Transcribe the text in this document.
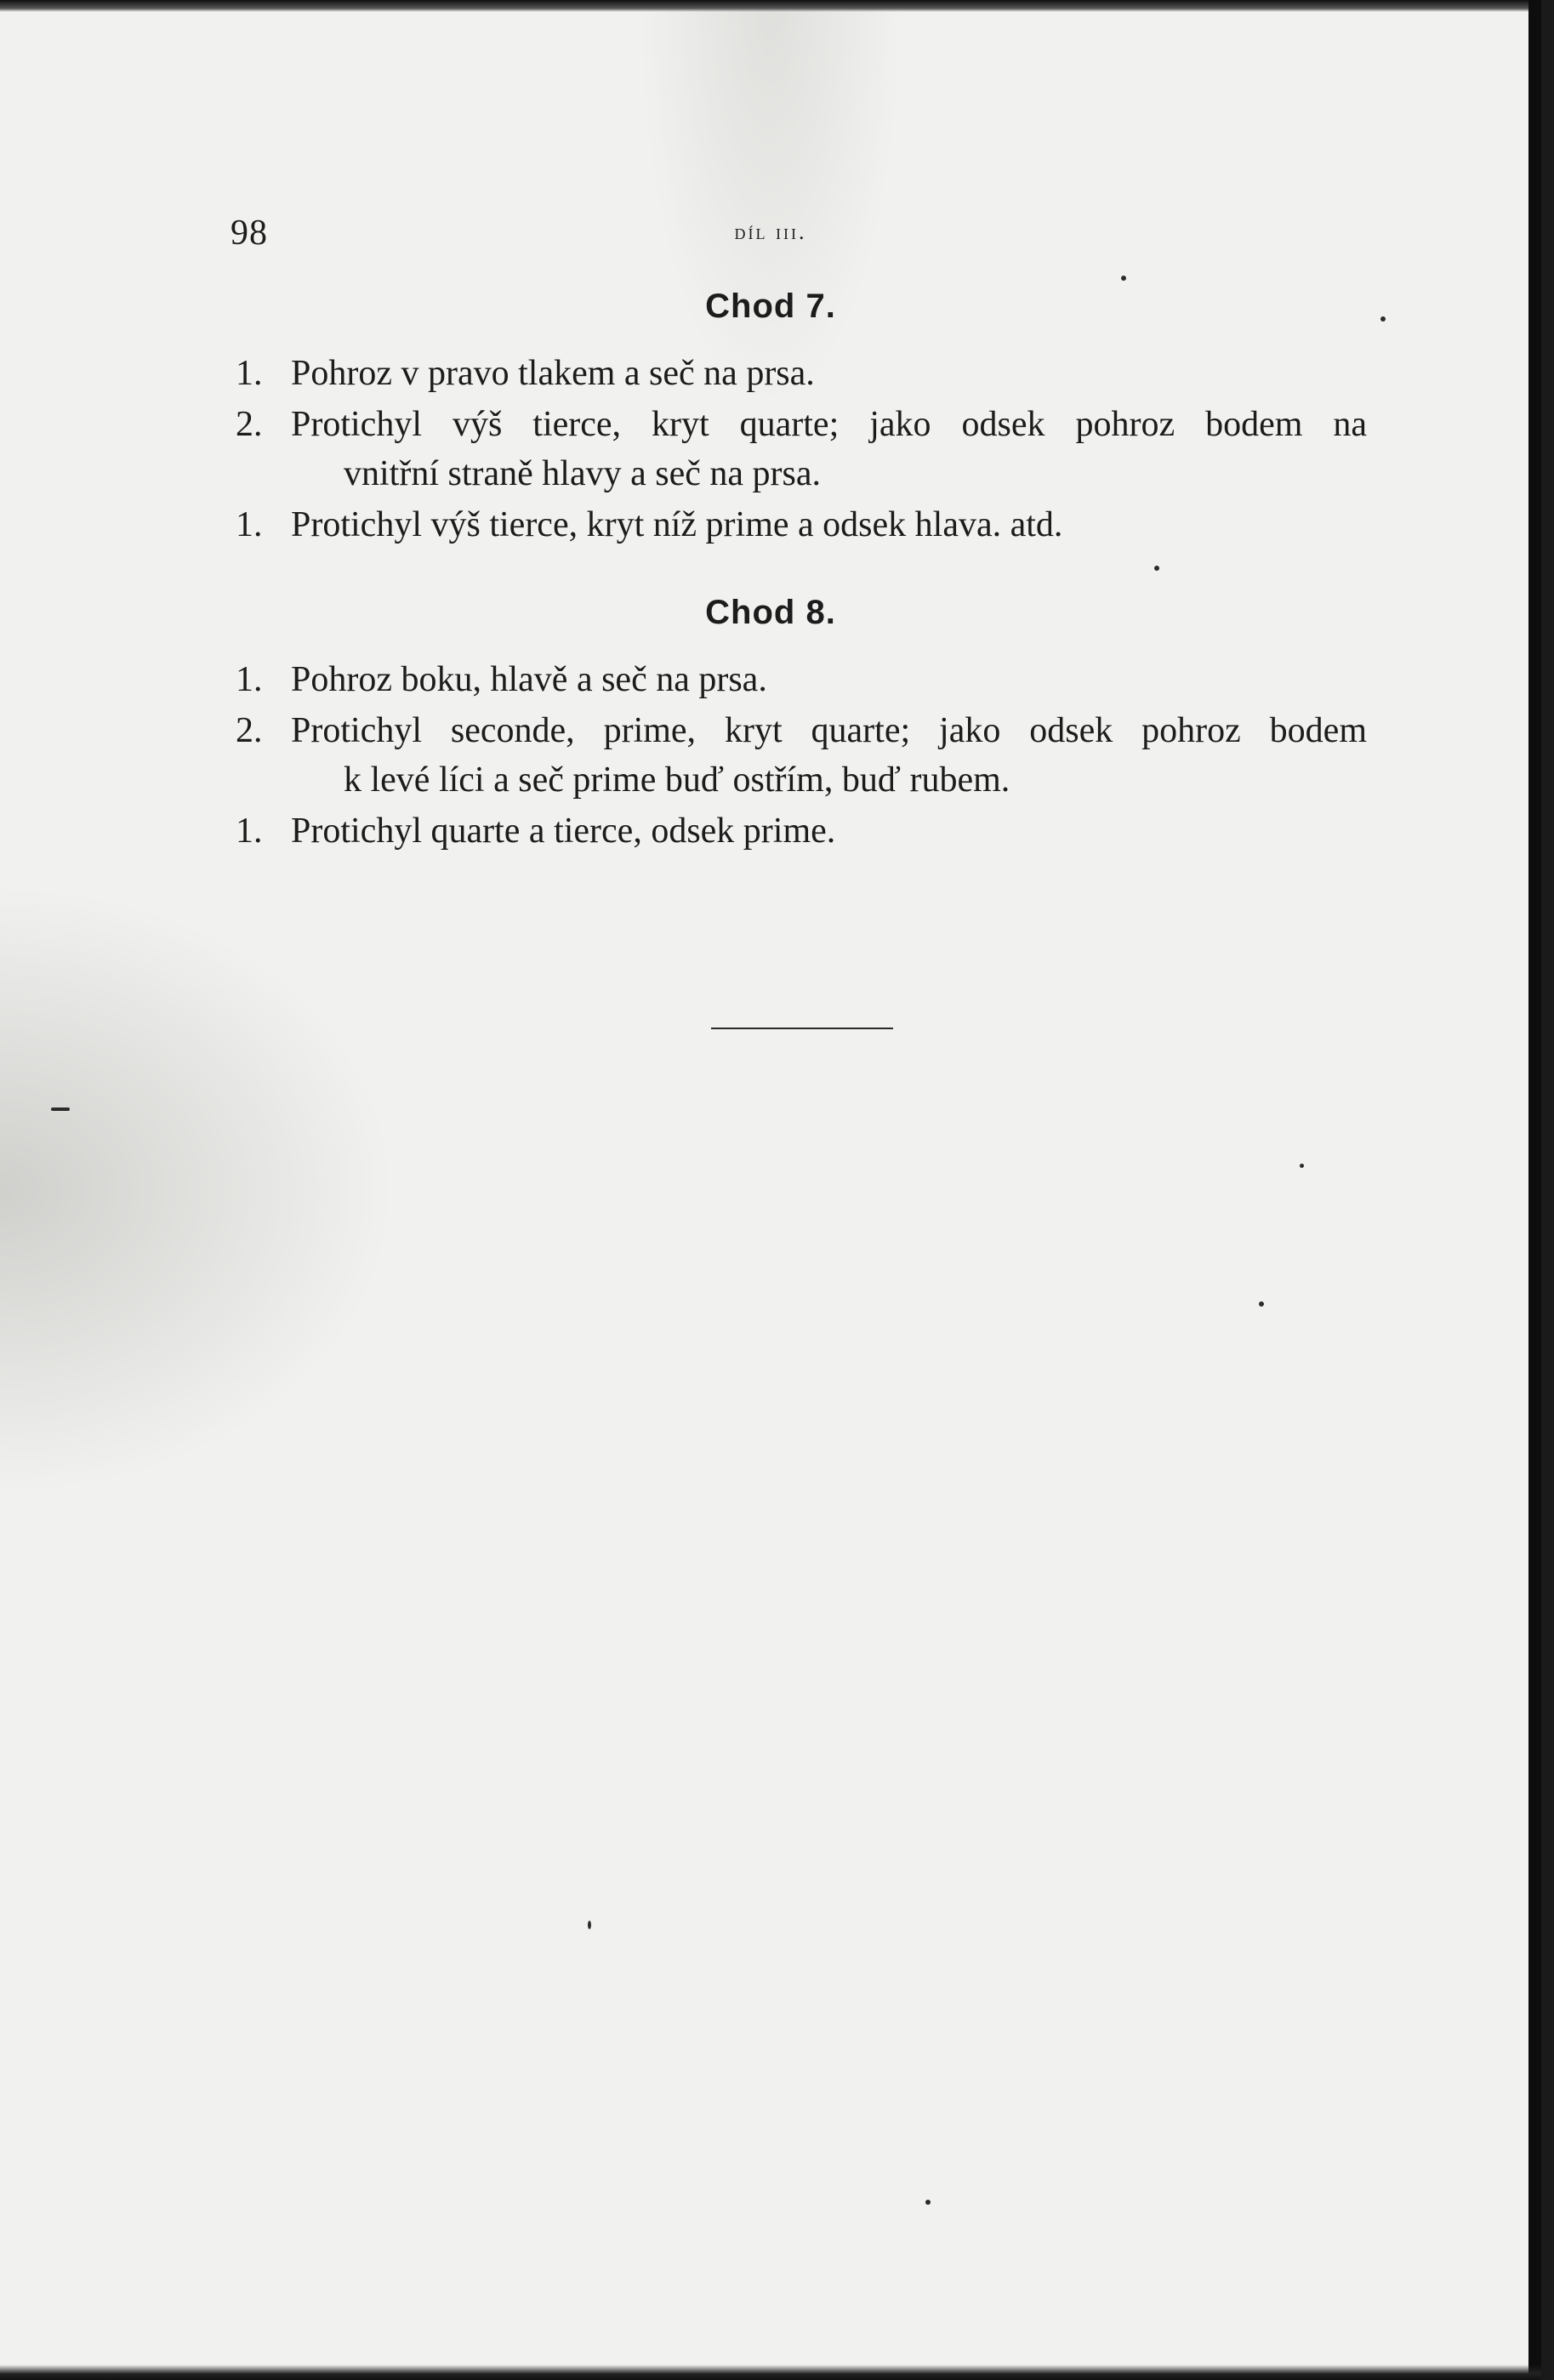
98	díl iii.
Chod 7.
1. Pohroz v pravo tlakem a seč na prsa.
2. Protichyl výš tierce, kryt quarte; jako odsek pohroz bodem na
vnitřní straně hlavy a seč na prsa.
1. Protichyl výš tierce, kryt níž prime a odsek hlava. atd.
Chod 8.
1. Pohroz boku, hlavě a seč na prsa.
2. Protichyl seconde, prime, kryt quarte; jako odsek pohroz bodem
k levé líci a seč prime buď ostřím, buď rubem.
1. Protichyl quarte a tierce, odsek prime.
